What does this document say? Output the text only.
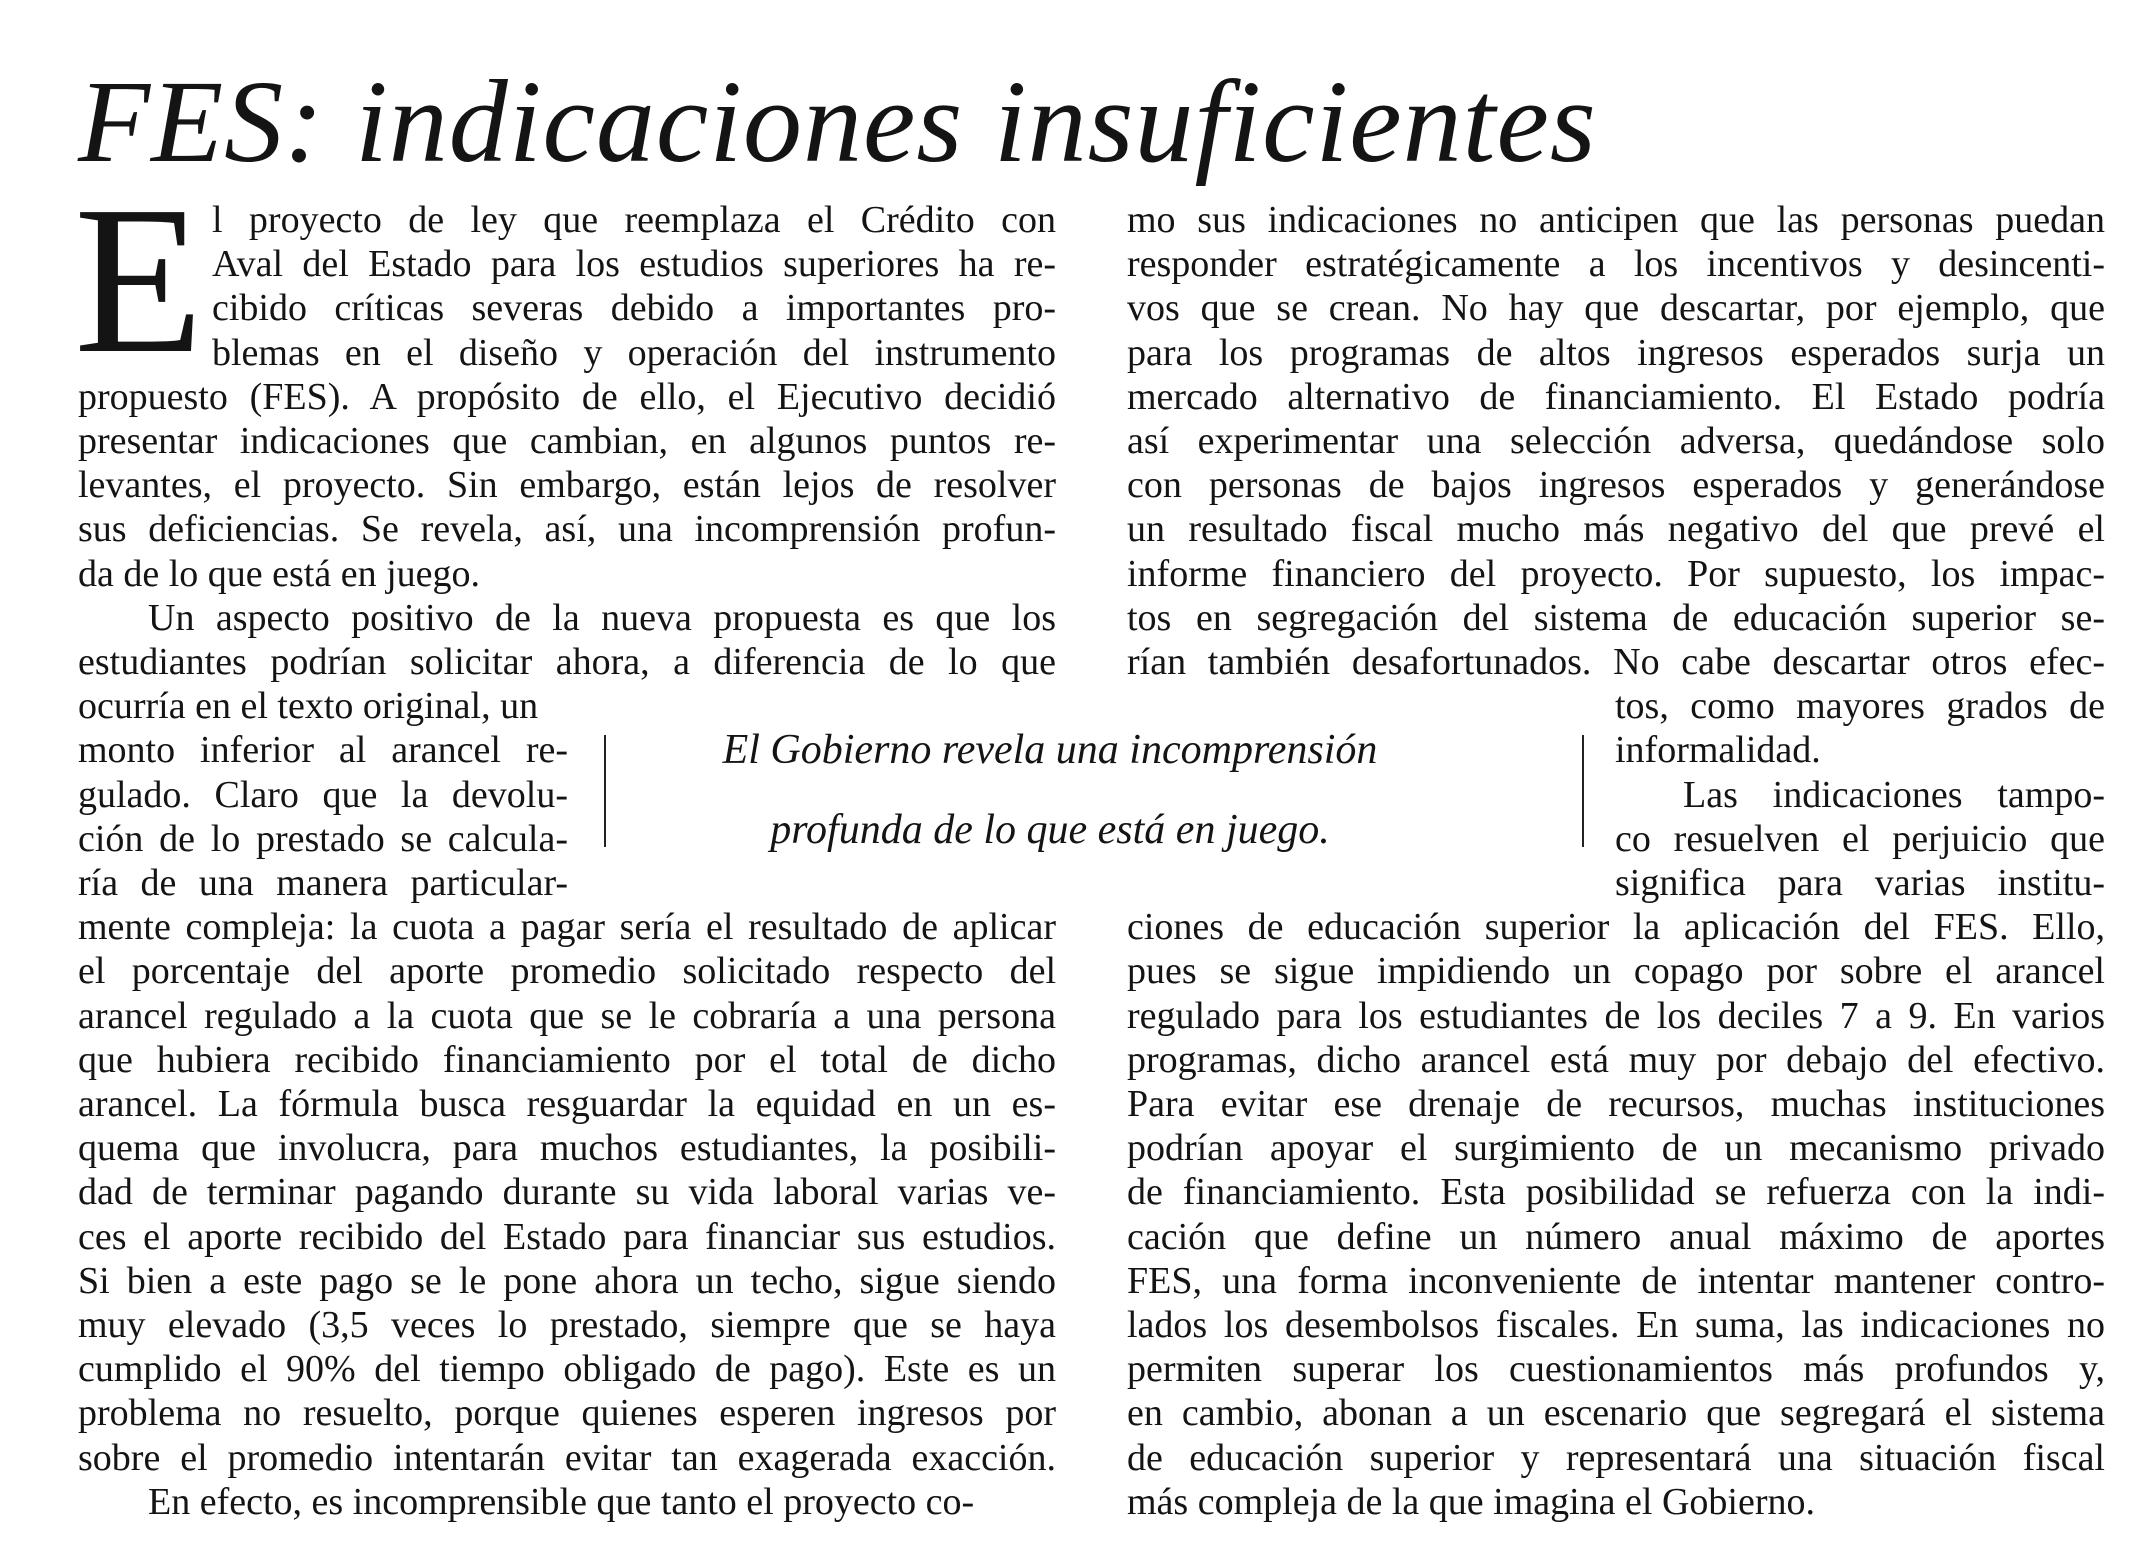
FES: indicaciones insuficientes
E l proyecto de ley que reemplaza el Crédito con
Aval del Estado para los estudios superiores ha re-
cibido críticas severas debido a importantes pro-
blemas en el diseño y operación del instrumento
propuesto (FES). A propósito de ello, el Ejecutivo decidió
presentar indicaciones que cambian, en algunos puntos re-
levantes, el proyecto. Sin embargo, están lejos de resolver
sus deficiencias. Se revela, así, una incomprensión profun-
da de lo que está en juego.
Un aspecto positivo de la nueva propuesta es que los
estudiantes podrían solicitar ahora, a diferencia de lo que
ocurría en el texto original, un
monto inferior al arancel re-
gulado. Claro que la devolu-
ción de lo prestado se calcula-
ría de una manera particular-
mente compleja: la cuota a pagar sería el resultado de aplicar
el porcentaje del aporte promedio solicitado respecto del
arancel regulado a la cuota que se le cobraría a una persona
que hubiera recibido financiamiento por el total de dicho
arancel. La fórmula busca resguardar la equidad en un es-
quema que involucra, para muchos estudiantes, la posibili-
dad de terminar pagando durante su vida laboral varias ve-
ces el aporte recibido del Estado para financiar sus estudios.
Si bien a este pago se le pone ahora un techo, sigue siendo
muy elevado (3,5 veces lo prestado, siempre que se haya
cumplido el 90% del tiempo obligado de pago). Este es un
problema no resuelto, porque quienes esperen ingresos por
sobre el promedio intentarán evitar tan exagerada exacción.
En efecto, es incomprensible que tanto el proyecto co-
mo sus indicaciones no anticipen que las personas puedan
responder estratégicamente a los incentivos y desincenti-
vos que se crean. No hay que descartar, por ejemplo, que
para los programas de altos ingresos esperados surja un
mercado alternativo de financiamiento. El Estado podría
así experimentar una selección adversa, quedándose solo
con personas de bajos ingresos esperados y generándose
un resultado fiscal mucho más negativo del que prevé el
informe financiero del proyecto. Por supuesto, los impac-
tos en segregación del sistema de educación superior se-
rían también desafortunados. No cabe descartar otros efec-
tos, como mayores grados de
informalidad.
Las indicaciones tampo-
co resuelven el perjuicio que
significa para varias institu-
ciones de educación superior la aplicación del FES. Ello,
pues se sigue impidiendo un copago por sobre el arancel
regulado para los estudiantes de los deciles 7 a 9. En varios
programas, dicho arancel está muy por debajo del efectivo.
Para evitar ese drenaje de recursos, muchas instituciones
podrían apoyar el surgimiento de un mecanismo privado
de financiamiento. Esta posibilidad se refuerza con la indi-
cación que define un número anual máximo de aportes
FES, una forma inconveniente de intentar mantener contro-
lados los desembolsos fiscales. En suma, las indicaciones no
permiten superar los cuestionamientos más profundos y,
en cambio, abonan a un escenario que segregará el sistema
de educación superior y representará una situación fiscal
más compleja de la que imagina el Gobierno.
El Gobierno revela una incomprensión
profunda de lo que está en juego.
